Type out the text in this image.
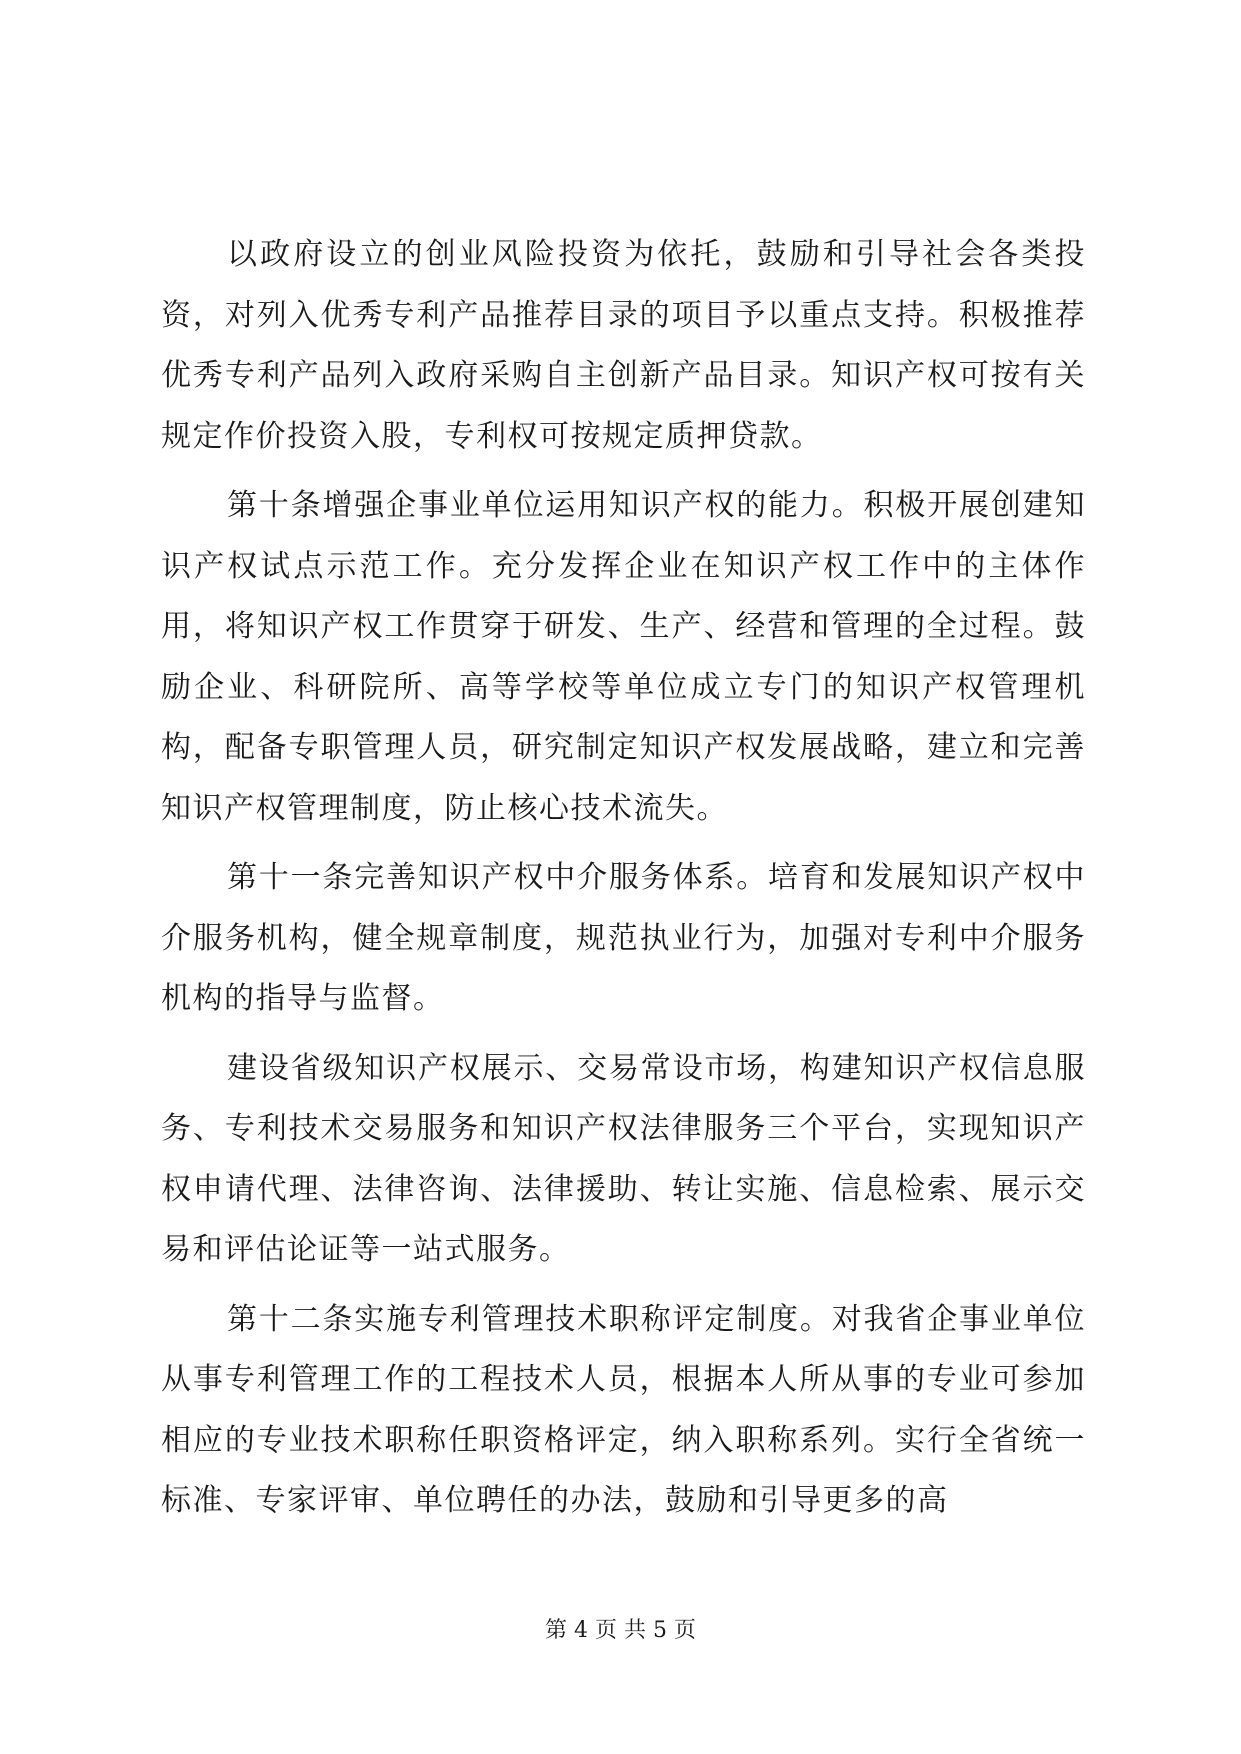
以政府设立的创业风险投资为依托，鼓励和引导社会各类投资，对列入优秀专利产品推荐目录的项目予以重点支持。积极推荐优秀专利产品列入政府采购自主创新产品目录。知识产权可按有关规定作价投资入股，专利权可按规定质押贷款。

第十条增强企事业单位运用知识产权的能力。积极开展创建知识产权试点示范工作。充分发挥企业在知识产权工作中的主体作用，将知识产权工作贯穿于研发、生产、经营和管理的全过程。鼓励企业、科研院所、高等学校等单位成立专门的知识产权管理机构，配备专职管理人员，研究制定知识产权发展战略，建立和完善知识产权管理制度，防止核心技术流失。

第十一条完善知识产权中介服务体系。培育和发展知识产权中介服务机构，健全规章制度，规范执业行为，加强对专利中介服务机构的指导与监督。

建设省级知识产权展示、交易常设市场，构建知识产权信息服务、专利技术交易服务和知识产权法律服务三个平台，实现知识产权申请代理、法律咨询、法律援助、转让实施、信息检索、展示交易和评估论证等一站式服务。

第十二条实施专利管理技术职称评定制度。对我省企事业单位从事专利管理工作的工程技术人员，根据本人所从事的专业可参加相应的专业技术职称任职资格评定，纳入职称系列。实行全省统一标准、专家评审、单位聘任的办法，鼓励和引导更多的高

第 4 页 共 5 页
